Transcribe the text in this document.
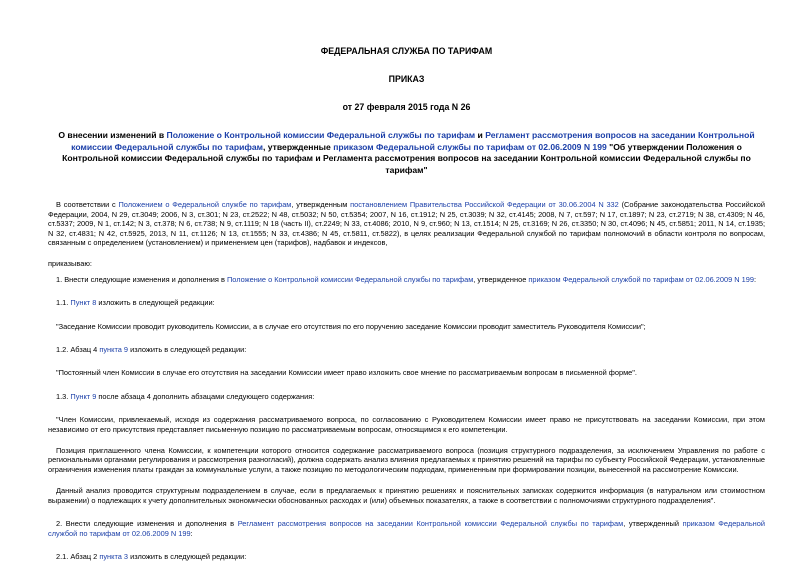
ФЕДЕРАЛЬНАЯ СЛУЖБА ПО ТАРИФАМ

ПРИКАЗ

от 27 февраля 2015 года N 26

О внесении изменений в Положение о Контрольной комиссии Федеральной службы по тарифам и Регламент рассмотрения вопросов на заседании Контрольной комиссии Федеральной службы по тарифам, утвержденные приказом Федеральной службы по тарифам от 02.06.2009 N 199 "Об утверждении Положения о Контрольной комиссии Федеральной службы по тарифам и Регламента рассмотрения вопросов на заседании Контрольной комиссии Федеральной службы по тарифам"

В соответствии с Положением о Федеральной службе по тарифам, утвержденным постановлением Правительства Российской Федерации от 30.06.2004 N 332 (Собрание законодательства Российской Федерации, 2004, N 29, ст.3049; 2006, N 3, ст.301; N 23, ст.2522; N 48, ст.5032; N 50, ст.5354; 2007, N 16, ст.1912; N 25, ст.3039; N 32, ст.4145; 2008, N 7, ст.597; N 17, ст.1897; N 23, ст.2719; N 38, ст.4309; N 46, ст.5337; 2009, N 1, ст.142; N 3, ст.378; N 6, ст.738; N 9, ст.1119; N 18 (часть II), ст.2249; N 33, ст.4086; 2010, N 9, ст.960; N 13, ст.1514; N 25, ст.3169; N 26, ст.3350; N 30, ст.4096; N 45, ст.5851; 2011, N 14, ст.1935; N 32, ст.4831; N 42, ст.5925, 2013, N 11, ст.1126; N 13, ст.1555; N 33, ст.4386; N 45, ст.5811, ст.5822), в целях реализации Федеральной службой по тарифам полномочий в области контроля по вопросам, связанным с определением (установлением) и применением цен (тарифов), надбавок и индексов,

приказываю:

1. Внести следующие изменения и дополнения в Положение о Контрольной комиссии Федеральной службы по тарифам, утвержденное приказом Федеральной службой по тарифам от 02.06.2009 N 199:

1.1. Пункт 8 изложить в следующей редакции:

"Заседание Комиссии проводит руководитель Комиссии, а в случае его отсутствия по его поручению заседание Комиссии проводит заместитель Руководителя Комиссии";

1.2. Абзац 4 пункта 9 изложить в следующей редакции:

"Постоянный член Комиссии в случае его отсутствия на заседании Комиссии имеет право изложить свое мнение по рассматриваемым вопросам в письменной форме".

1.3. Пункт 9 после абзаца 4 дополнить абзацами следующего содержания:

"Член Комиссии, привлекаемый, исходя из содержания рассматриваемого вопроса, по согласованию с Руководителем Комиссии имеет право не присутствовать на заседании Комиссии, при этом независимо от его присутствия представляет письменную позицию по рассматриваемым вопросам, относящимся к его компетенции.

Позиция приглашенного члена Комиссии, к компетенции которого относится содержание рассматриваемого вопроса (позиция структурного подразделения, за исключением Управления по работе с региональными органами регулирования и рассмотрения разногласий), должна содержать анализ влияния предлагаемых к принятию решений на тарифы по субъекту Российской Федерации, установленные ограничения изменения платы граждан за коммунальные услуги, а также позицию по методологическим подходам, примененным при формировании позиции, вынесенной на рассмотрение Комиссии.

Данный анализ проводится структурным подразделением в случае, если в предлагаемых к принятию решениях и пояснительных записках содержится информация (в натуральном или стоимостном выражении) о подлежащих к учету дополнительных экономически обоснованных расходах и (или) объемных показателях, а также в соответствии с полномочиями структурного подразделения".

2. Внести следующие изменения и дополнения в Регламент рассмотрения вопросов на заседании Контрольной комиссии Федеральной службы по тарифам, утвержденный приказом Федеральной службой по тарифам от 02.06.2009 N 199:

2.1. Абзац 2 пункта 3 изложить в следующей редакции:
